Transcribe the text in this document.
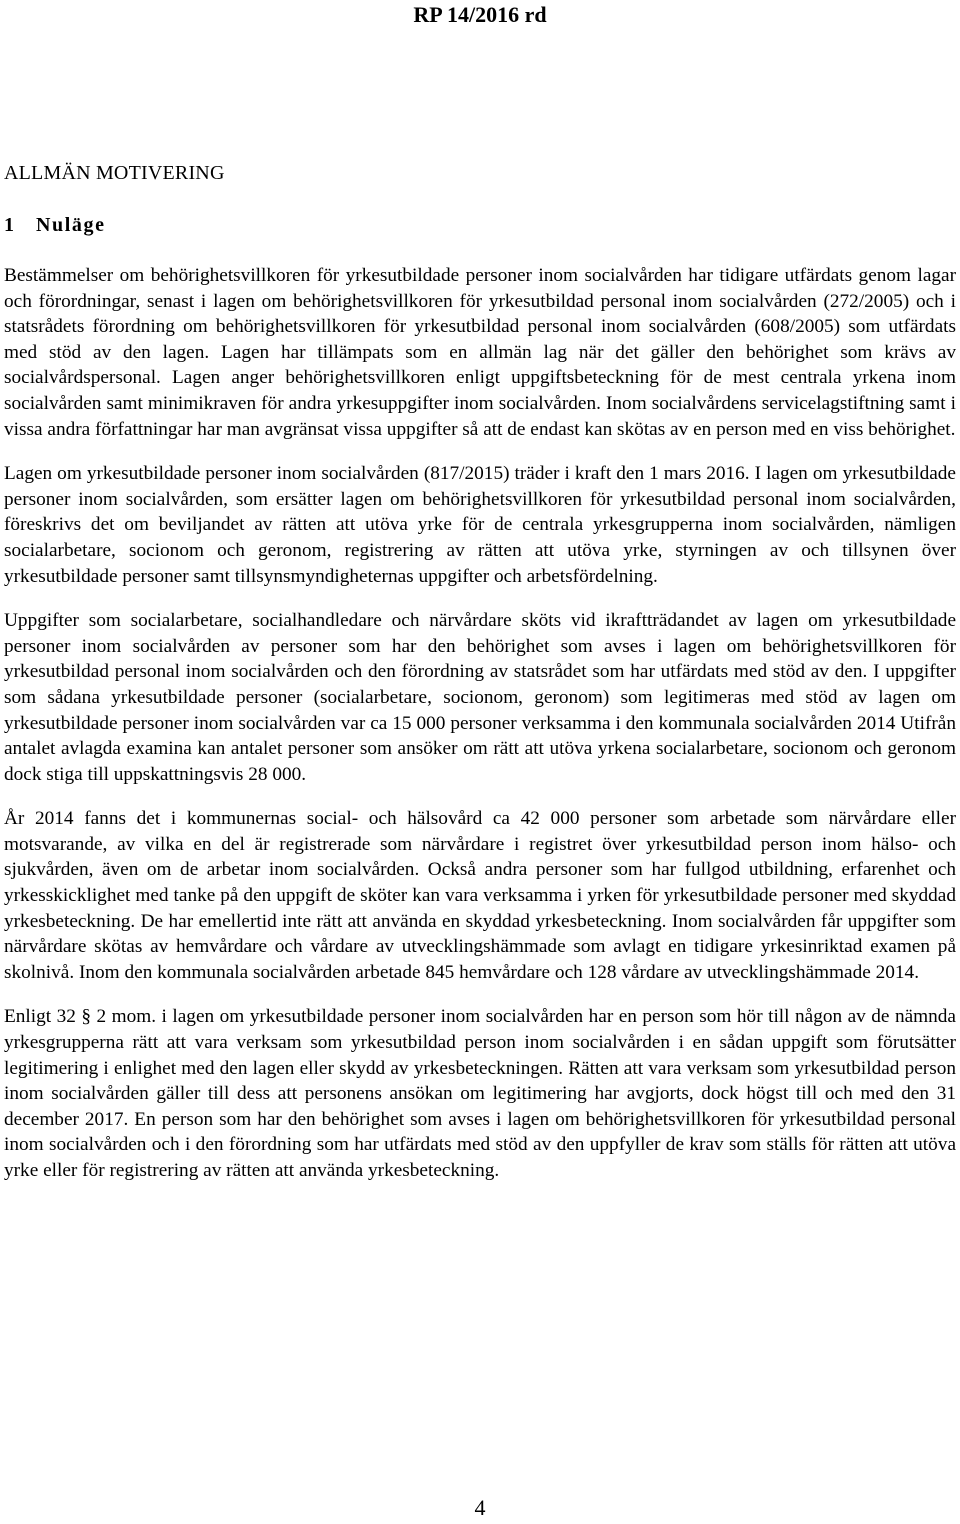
RP 14/2016 rd
ALLMÄN MOTIVERING
1 Nuläge

Bestämmelser om behörighetsvillkoren för yrkesutbildade personer inom socialvården har tidigare utfärdats genom lagar och förordningar, senast i lagen om behörighetsvillkoren för yrkesutbildad personal inom socialvården (272/2005) och i statsrådets förordning om behörighetsvillkoren för yrkesutbildad personal inom socialvården (608/2005) som utfärdats med stöd av den lagen. Lagen har tillämpats som en allmän lag när det gäller den behörighet som krävs av socialvårdspersonal. Lagen anger behörighetsvillkoren enligt uppgiftsbeteckning för de mest centrala yrkena inom socialvården samt minimikraven för andra yrkesuppgifter inom socialvården. Inom socialvårdens servicelagstiftning samt i vissa andra författningar har man avgränsat vissa uppgifter så att de endast kan skötas av en person med en viss behörighet.

Lagen om yrkesutbildade personer inom socialvården (817/2015) träder i kraft den 1 mars 2016. I lagen om yrkesutbildade personer inom socialvården, som ersätter lagen om behörighetsvillkoren för yrkesutbildad personal inom socialvården, föreskrivs det om beviljandet av rätten att utöva yrke för de centrala yrkesgrupperna inom socialvården, nämligen socialarbetare, socionom och geronom, registrering av rätten att utöva yrke, styrningen av och tillsynen över yrkesutbildade personer samt tillsynsmyndigheternas uppgifter och arbetsfördelning.

Uppgifter som socialarbetare, socialhandledare och närvårdare sköts vid ikraftträdandet av lagen om yrkesutbildade personer inom socialvården av personer som har den behörighet som avses i lagen om behörighetsvillkoren för yrkesutbildad personal inom socialvården och den förordning av statsrådet som har utfärdats med stöd av den. I uppgifter som sådana yrkesutbildade personer (socialarbetare, socionom, geronom) som legitimeras med stöd av lagen om yrkesutbildade personer inom socialvården var ca 15 000 personer verksamma i den kommunala socialvården 2014 Utifrån antalet avlagda examina kan antalet personer som ansöker om rätt att utöva yrkena socialarbetare, socionom och geronom dock stiga till uppskattningsvis 28 000.

År 2014 fanns det i kommunernas social- och hälsovård ca 42 000 personer som arbetade som närvårdare eller motsvarande, av vilka en del är registrerade som närvårdare i registret över yrkesutbildad person inom hälso- och sjukvården, även om de arbetar inom socialvården. Också andra personer som har fullgod utbildning, erfarenhet och yrkesskicklighet med tanke på den uppgift de sköter kan vara verksamma i yrken för yrkesutbildade personer med skyddad yrkesbeteckning. De har emellertid inte rätt att använda en skyddad yrkesbeteckning. Inom socialvården får uppgifter som närvårdare skötas av hemvårdare och vårdare av utvecklingshämmade som avlagt en tidigare yrkesinriktad examen på skolnivå. Inom den kommunala socialvården arbetade 845 hemvårdare och 128 vårdare av utvecklingshämmade 2014.

Enligt 32 § 2 mom. i lagen om yrkesutbildade personer inom socialvården har en person som hör till någon av de nämnda yrkesgrupperna rätt att vara verksam som yrkesutbildad person inom socialvården i en sådan uppgift som förutsätter legitimering i enlighet med den lagen eller skydd av yrkesbeteckningen. Rätten att vara verksam som yrkesutbildad person inom socialvården gäller till dess att personens ansökan om legitimering har avgjorts, dock högst till och med den 31 december 2017. En person som har den behörighet som avses i lagen om behörighetsvillkoren för yrkesutbildad personal inom socialvården och i den förordning som har utfärdats med stöd av den uppfyller de krav som ställs för rätten att utöva yrke eller för registrering av rätten att använda yrkesbeteckning.

4
